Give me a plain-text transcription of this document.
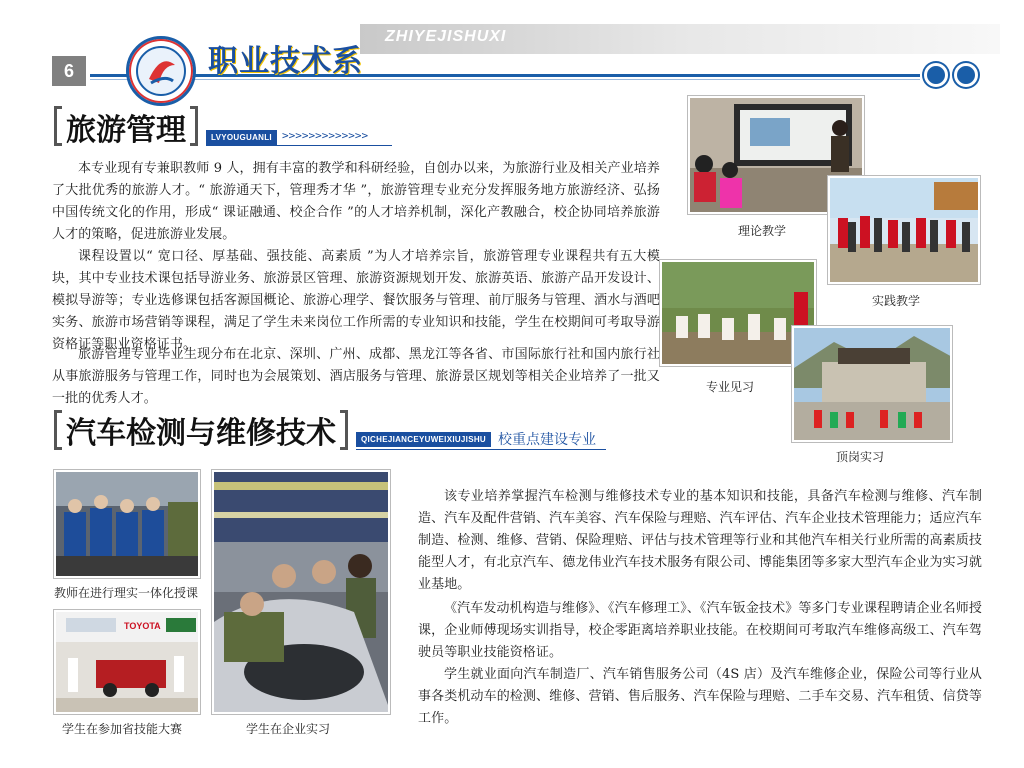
ZHIYEJISHUXI
6	职业技术系
旅游管理	LVYOUGUANLI >>>>>>>>>>>>>
本专业现有专兼职教师 9 人，拥有丰富的教学和科研经验，自创办以来，为旅游行业及相关产业培养了大批优秀的旅游人才。“ 旅游通天下，管理秀才华 ”，旅游管理专业充分发挥服务地方旅游经济、弘扬中国传统文化的作用，形成“ 课证融通、校企合作 ”的人才培养机制，深化产教融合，校企协同培养旅游人才的策略，促进旅游业发展。
课程设置以“ 宽口径、厚基础、强技能、高素质 ”为人才培养宗旨，旅游管理专业课程共有五大模块，其中专业技术课包括导游业务、旅游景区管理、旅游资源规划开发、旅游英语、旅游产品开发设计、模拟导游等；专业选修课包括客源国概论、旅游心理学、餐饮服务与管理、前厅服务与管理、酒水与酒吧实务、旅游市场营销等课程，满足了学生未来岗位工作所需的专业知识和技能，学生在校期间可考取导游资格证等职业资格证书。
旅游管理专业毕业生现分布在北京、深圳、广州、成都、黑龙江等各省、市国际旅行社和国内旅行社从事旅游服务与管理工作，同时也为会展策划、酒店服务与管理、旅游景区规划等相关企业培养了一批又一批的优秀人才。
理论教学
实践教学
专业见习
顶岗实习
汽车检测与维修技术	QICHEJIANCEYUWEIXIUJISHU 校重点建设专业
教师在进行理实一体化授课
TOYOTA
学生在参加省技能大赛	学生在企业实习
该专业培养掌握汽车检测与维修技术专业的基本知识和技能，具备汽车检测与维修、汽车制造、汽车及配件营销、汽车美容、汽车保险与理赔、汽车评估、汽车企业技术管理能力；适应汽车制造、检测、维修、营销、保险理赔、评估与技术管理等行业和其他汽车相关行业所需的高素质技能型人才，有北京汽车、德龙伟业汽车技术服务有限公司、博能集团等多家大型汽车企业为实习就业基地。
《汽车发动机构造与维修》、《汽车修理工》、《汽车钣金技术》等多门专业课程聘请企业名师授课，企业师傅现场实训指导，校企零距离培养职业技能。在校期间可考取汽车维修高级工、汽车驾驶员等职业技能资格证。
学生就业面向汽车制造厂、汽车销售服务公司（4S 店）及汽车维修企业，保险公司等行业从事各类机动车的检测、维修、营销、售后服务、汽车保险与理赔、二手车交易、汽车租赁、信贷等工作。
